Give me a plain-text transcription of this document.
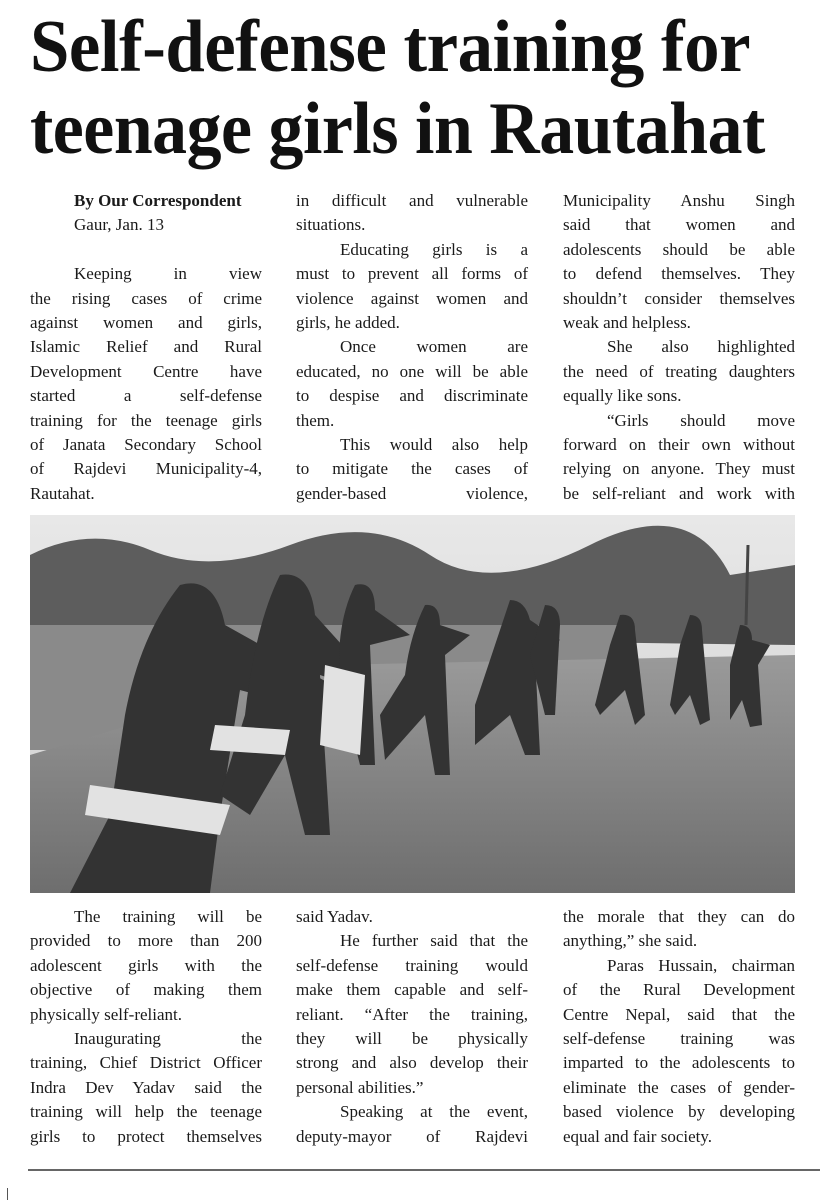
Self-defense training for
teenage girls in Rautahat
By Our Correspondent
Gaur, Jan. 13
Keeping in view
the rising cases of crime
against women and girls,
Islamic Relief and Rural
Development Centre have
started a self-defense
training for the teenage girls
of Janata Secondary School
of Rajdevi Municipality-4,
Rautahat.
in difficult and vulnerable
situations.
Educating girls is a
must to prevent all forms of
violence against women and
girls, he added.
Once women are
educated, no one will be able
to despise and discriminate
them.
This would also help
to mitigate the cases of
gender-based violence,
Municipality Anshu Singh
said that women and
adolescents should be able
to defend themselves. They
shouldn’t consider themselves
weak and helpless.
She also highlighted
the need of treating daughters
equally like sons.
“Girls should move
forward on their own without
relying on anyone. They must
be self-reliant and work with
The training will be
provided to more than 200
adolescent girls with the
objective of making them
physically self-reliant.
Inaugurating the
training, Chief District Officer
Indra Dev Yadav said the
training will help the teenage
girls to protect themselves
said Yadav.
He further said that the
self-defense training would
make them capable and self-
reliant. “After the training,
they will be physically
strong and also develop their
personal abilities.”
Speaking at the event,
deputy-mayor of Rajdevi
the morale that they can do
anything,” she said.
Paras Hussain, chairman
of the Rural Development
Centre Nepal, said that the
self-defense training was
imparted to the adolescents to
eliminate the cases of gender-
based violence by developing
equal and fair society.
